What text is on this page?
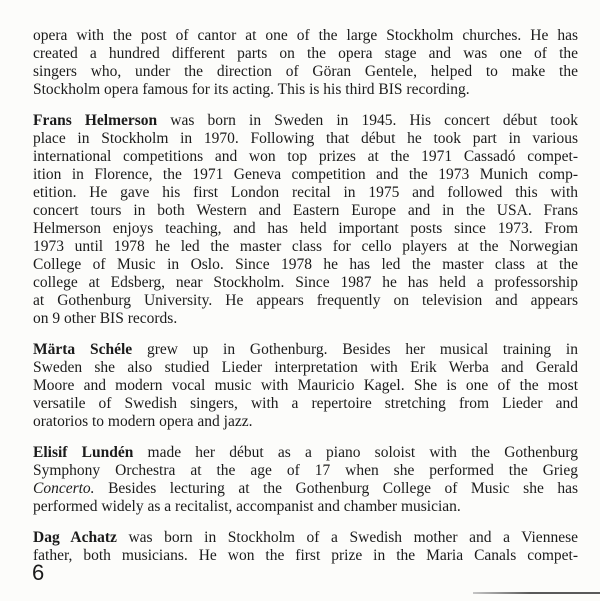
opera with the post of cantor at one of the large Stockholm churches. He has
created a hundred different parts on the opera stage and was one of the
singers who, under the direction of Göran Gentele, helped to make the
Stockholm opera famous for its acting. This is his third BIS recording.
Frans Helmerson was born in Sweden in 1945. His concert début took
place in Stockholm in 1970. Following that début he took part in various
international competitions and won top prizes at the 1971 Cassadó compet-
ition in Florence, the 1971 Geneva competition and the 1973 Munich comp-
etition. He gave his first London recital in 1975 and followed this with
concert tours in both Western and Eastern Europe and in the USA. Frans
Helmerson enjoys teaching, and has held important posts since 1973. From
1973 until 1978 he led the master class for cello players at the Norwegian
College of Music in Oslo. Since 1978 he has led the master class at the
college at Edsberg, near Stockholm. Since 1987 he has held a professorship
at Gothenburg University. He appears frequently on television and appears
on 9 other BIS records.
Märta Schéle grew up in Gothenburg. Besides her musical training in
Sweden she also studied Lieder interpretation with Erik Werba and Gerald
Moore and modern vocal music with Mauricio Kagel. She is one of the most
versatile of Swedish singers, with a repertoire stretching from Lieder and
oratorios to modern opera and jazz.
Elisif Lundén made her début as a piano soloist with the Gothenburg
Symphony Orchestra at the age of 17 when she performed the Grieg
Concerto. Besides lecturing at the Gothenburg College of Music she has
performed widely as a recitalist, accompanist and chamber musician.
Dag Achatz was born in Stockholm of a Swedish mother and a Viennese
father, both musicians. He won the first prize in the Maria Canals compet-
6
